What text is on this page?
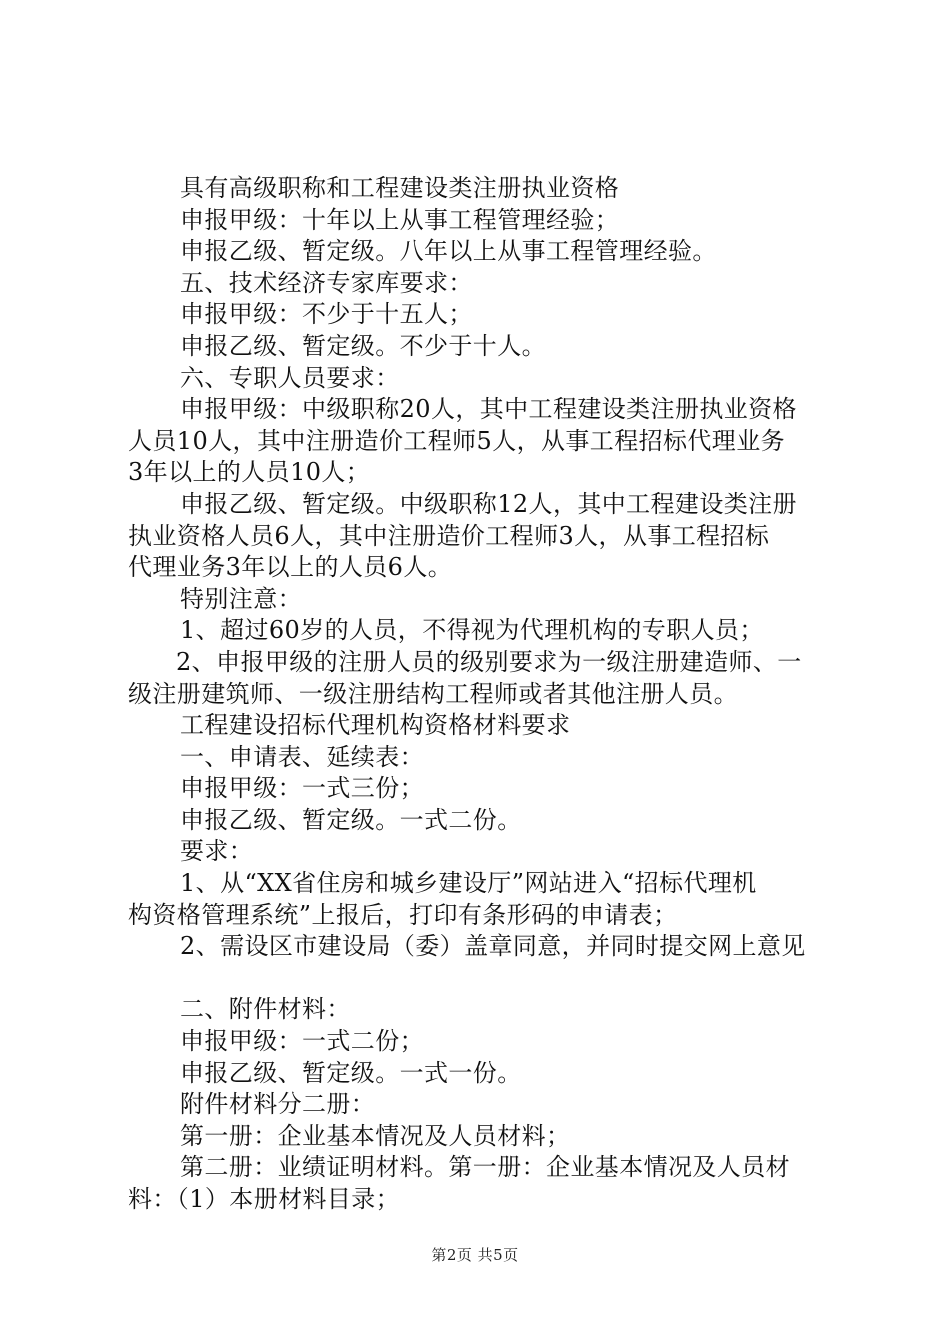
具有高级职称和工程建设类注册执业资格
申报甲级：十年以上从事工程管理经验；
申报乙级、暂定级。八年以上从事工程管理经验。
五、技术经济专家库要求：
申报甲级：不少于十五人；
申报乙级、暂定级。不少于十人。
六、专职人员要求：
申报甲级：中级职称20人，其中工程建设类注册执业资格
人员10人，其中注册造价工程师5人，从事工程招标代理业务
3年以上的人员10人；
申报乙级、暂定级。中级职称12人，其中工程建设类注册
执业资格人员6人，其中注册造价工程师3人，从事工程招标
代理业务3年以上的人员6人。
特别注意：
1、超过60岁的人员，不得视为代理机构的专职人员；
2、申报甲级的注册人员的级别要求为一级注册建造师、一
级注册建筑师、一级注册结构工程师或者其他注册人员。
工程建设招标代理机构资格材料要求
一、申请表、延续表：
申报甲级：一式三份；
申报乙级、暂定级。一式二份。
要求：
1、从“XX省住房和城乡建设厅”网站进入“招标代理机
构资格管理系统”上报后，打印有条形码的申请表；
2、需设区市建设局（委）盖章同意，并同时提交网上意见
二、附件材料：
申报甲级：一式二份；
申报乙级、暂定级。一式一份。
附件材料分二册：
第一册：企业基本情况及人员材料；
第二册：业绩证明材料。第一册：企业基本情况及人员材
料：（1）本册材料目录；
第2页 共5页
